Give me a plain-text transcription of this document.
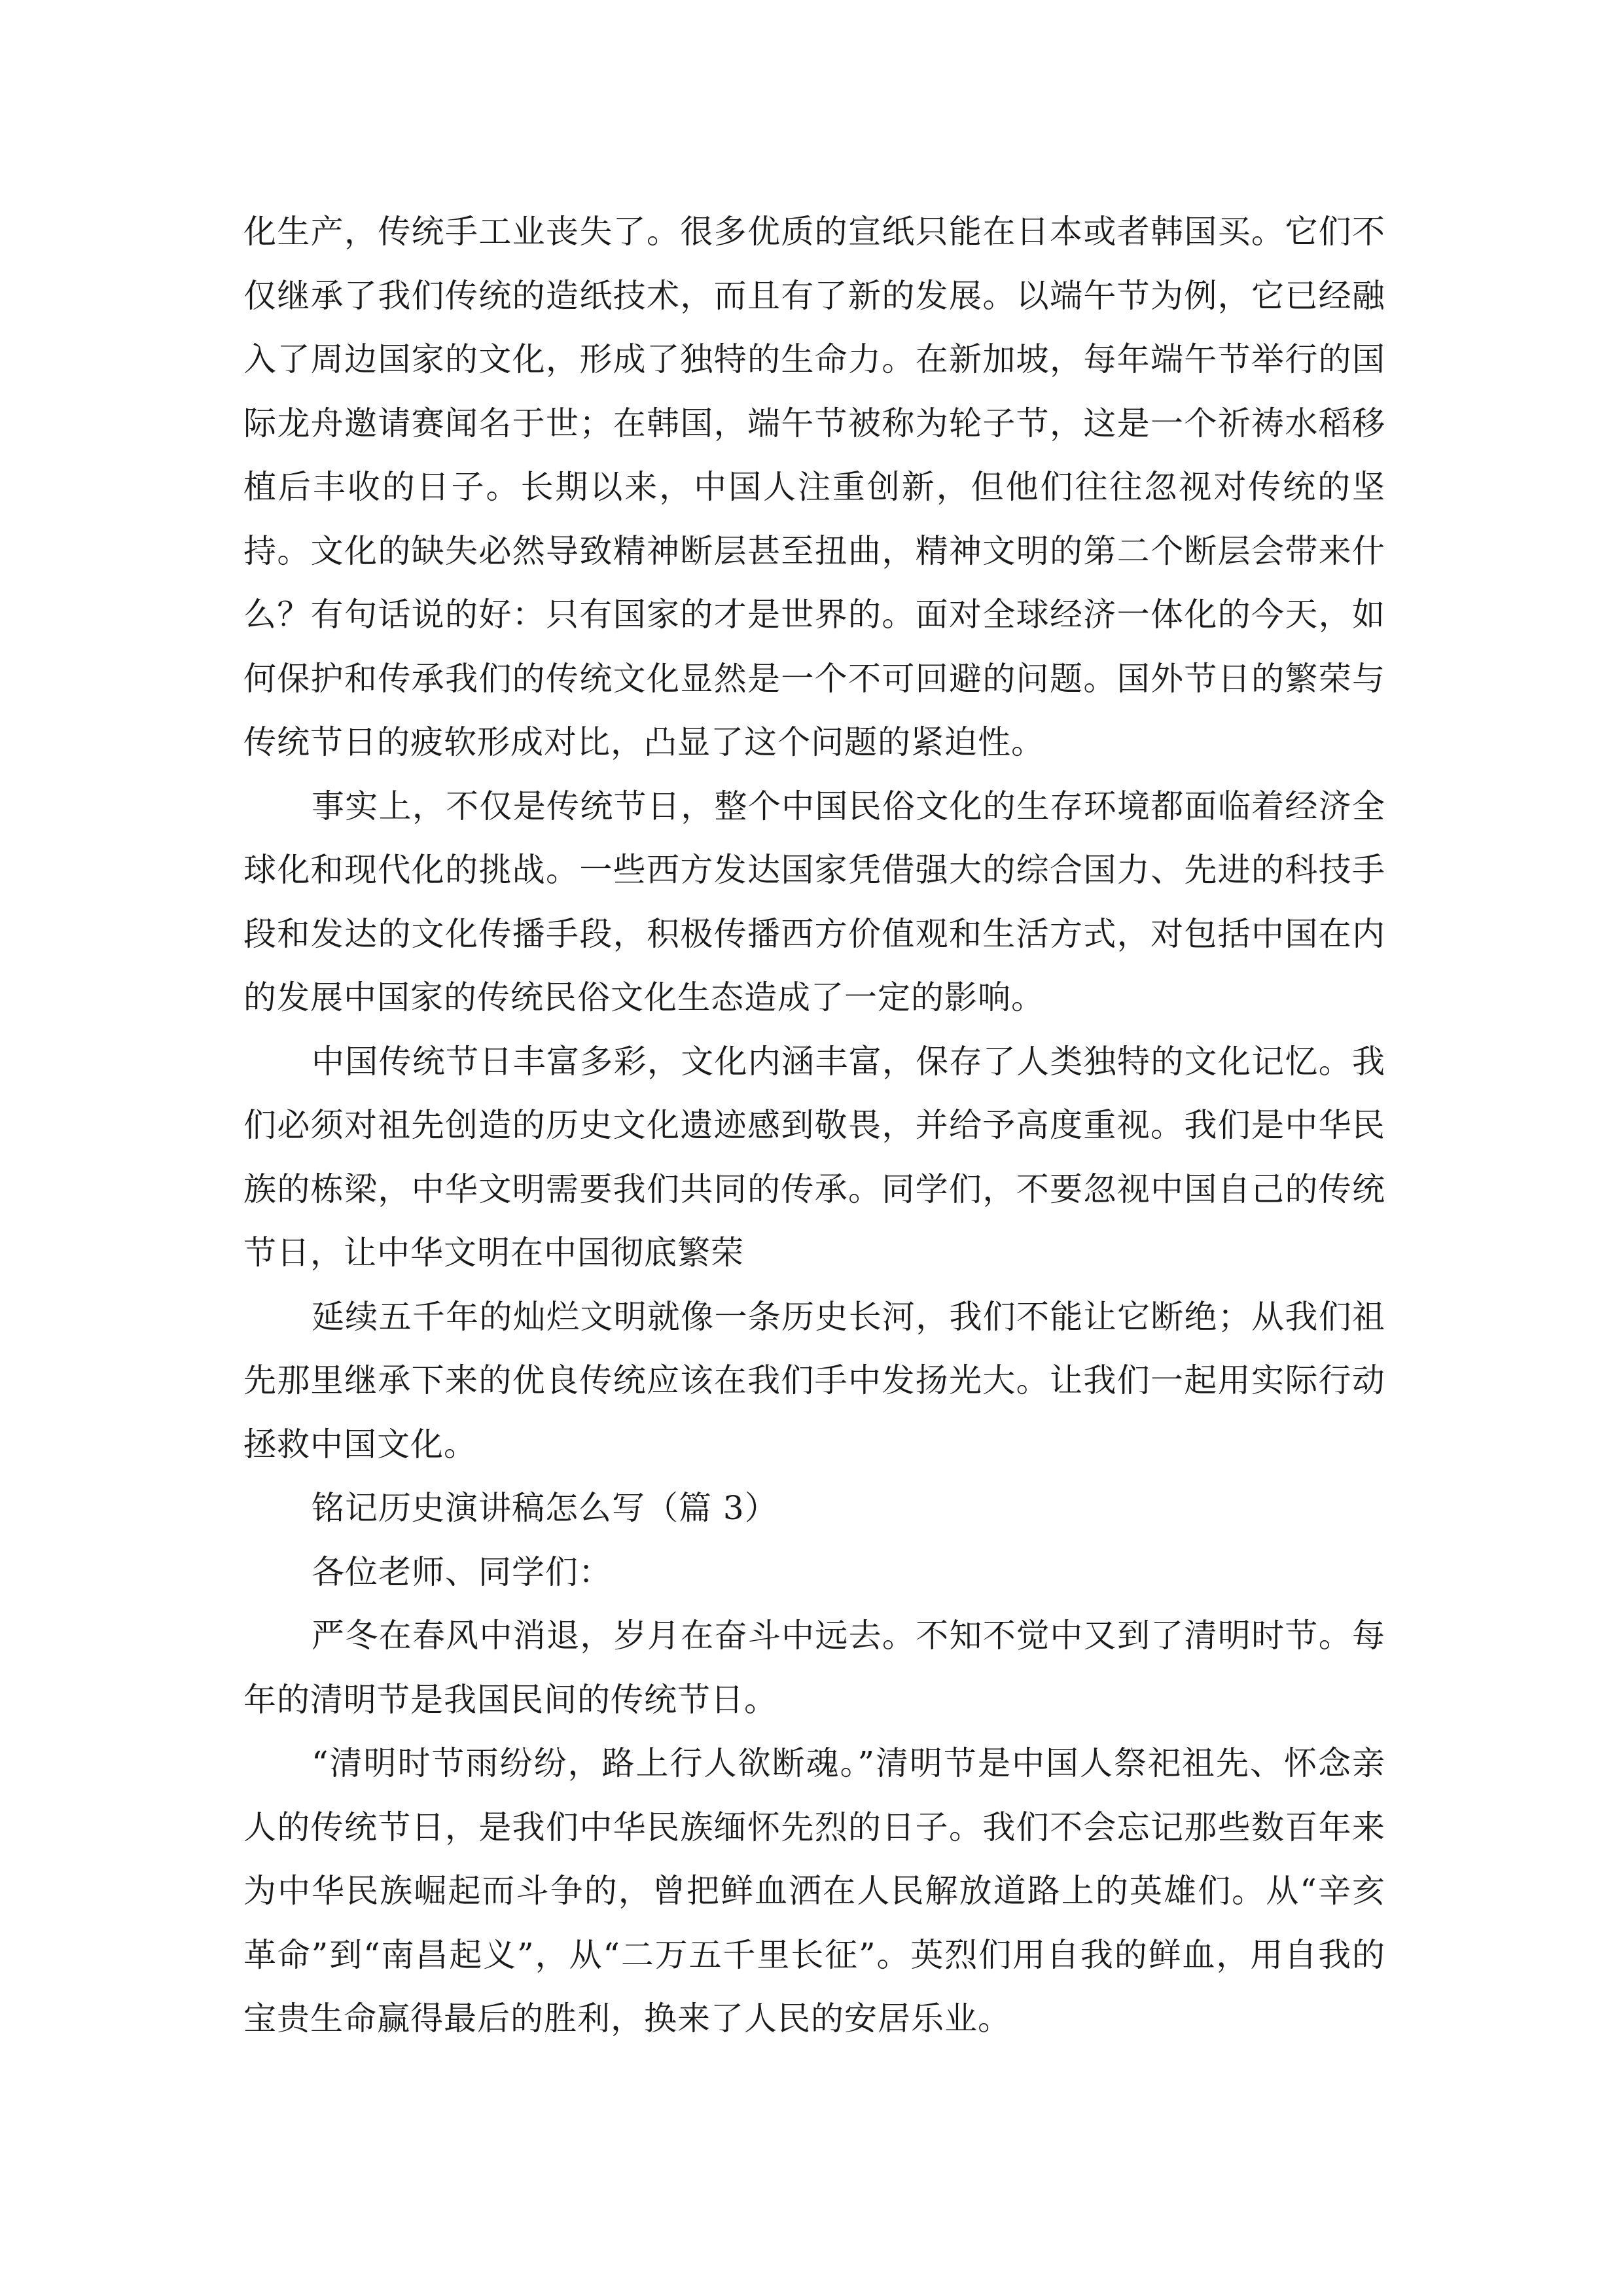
化生产，传统手工业丧失了。很多优质的宣纸只能在日本或者韩国买。它们不仅继承了我们传统的造纸技术，而且有了新的发展。以端午节为例，它已经融入了周边国家的文化，形成了独特的生命力。在新加坡，每年端午节举行的国际龙舟邀请赛闻名于世；在韩国，端午节被称为轮子节，这是一个祈祷水稻移植后丰收的日子。长期以来，中国人注重创新，但他们往往忽视对传统的坚持。文化的缺失必然导致精神断层甚至扭曲，精神文明的第二个断层会带来什么？有句话说的好：只有国家的才是世界的。面对全球经济一体化的今天，如何保护和传承我们的传统文化显然是一个不可回避的问题。国外节日的繁荣与传统节日的疲软形成对比，凸显了这个问题的紧迫性。

事实上，不仅是传统节日，整个中国民俗文化的生存环境都面临着经济全球化和现代化的挑战。一些西方发达国家凭借强大的综合国力、先进的科技手段和发达的文化传播手段，积极传播西方价值观和生活方式，对包括中国在内的发展中国家的传统民俗文化生态造成了一定的影响。

中国传统节日丰富多彩，文化内涵丰富，保存了人类独特的文化记忆。我们必须对祖先创造的历史文化遗迹感到敬畏，并给予高度重视。我们是中华民族的栋梁，中华文明需要我们共同的传承。同学们，不要忽视中国自己的传统节日，让中华文明在中国彻底繁荣

延续五千年的灿烂文明就像一条历史长河，我们不能让它断绝；从我们祖先那里继承下来的优良传统应该在我们手中发扬光大。让我们一起用实际行动拯救中国文化。

铭记历史演讲稿怎么写（篇 3）

各位老师、同学们：

严冬在春风中消退，岁月在奋斗中远去。不知不觉中又到了清明时节。每年的清明节是我国民间的传统节日。

“清明时节雨纷纷，路上行人欲断魂。”清明节是中国人祭祀祖先、怀念亲人的传统节日，是我们中华民族缅怀先烈的日子。我们不会忘记那些数百年来为中华民族崛起而斗争的，曾把鲜血洒在人民解放道路上的英雄们。从“辛亥革命”到“南昌起义”，从“二万五千里长征”。英烈们用自我的鲜血，用自我的宝贵生命赢得最后的胜利，换来了人民的安居乐业。
